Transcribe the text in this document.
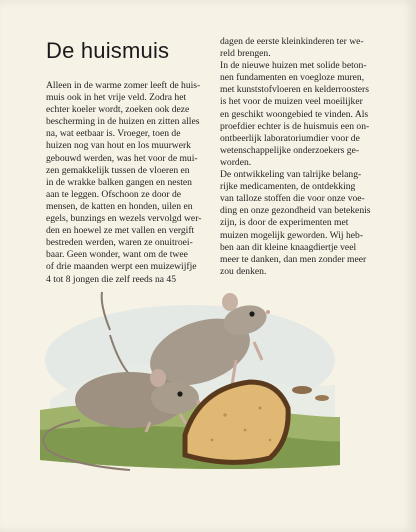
De huismuis

Alleen in de warme zomer leeft de huis-
muis ook in het vrije veld. Zodra het
echter koeler wordt, zoeken ook deze
bescherming in de huizen en zitten alles
na, wat eetbaar is. Vroeger, toen de
huizen nog van hout en los muurwerk
gebouwd werden, was het voor de mui-
zen gemakkelijk tussen de vloeren en
in de wrakke balken gangen en nesten
aan te leggen. Ofschoon ze door de
mensen, de katten en honden, uilen en
egels, bunzings en wezels vervolgd wer-
den en hoewel ze met vallen en vergift
bestreden werden, waren ze onuitroei-
baar. Geen wonder, want om de twee
of drie maanden werpt een muizewijfje
4 tot 8 jongen die zelf reeds na 45

dagen de eerste kleinkinderen ter we-
reld brengen.

In de nieuwe huizen met solide beton-
nen fundamenten en voegloze muren,
met kunststofvloeren en kelderroosters
is het voor de muizen veel moeilijker
en geschikt woongebied te vinden. Als
proefdier echter is de huismuis een on-
ontbeerlijk laboratoriumdier voor de
wetenschappelijke onderzoekers ge-
worden.

De ontwikkeling van talrijke belang-
rijke medicamenten, de ontdekking
van talloze stoffen die voor onze voe-
ding en onze gezondheid van betekenis
zijn, is door de experimenten met
muizen mogelijk geworden. Wij heb-
ben aan dit kleine knaagdiertje veel
meer te danken, dan men zonder meer
zou denken.
